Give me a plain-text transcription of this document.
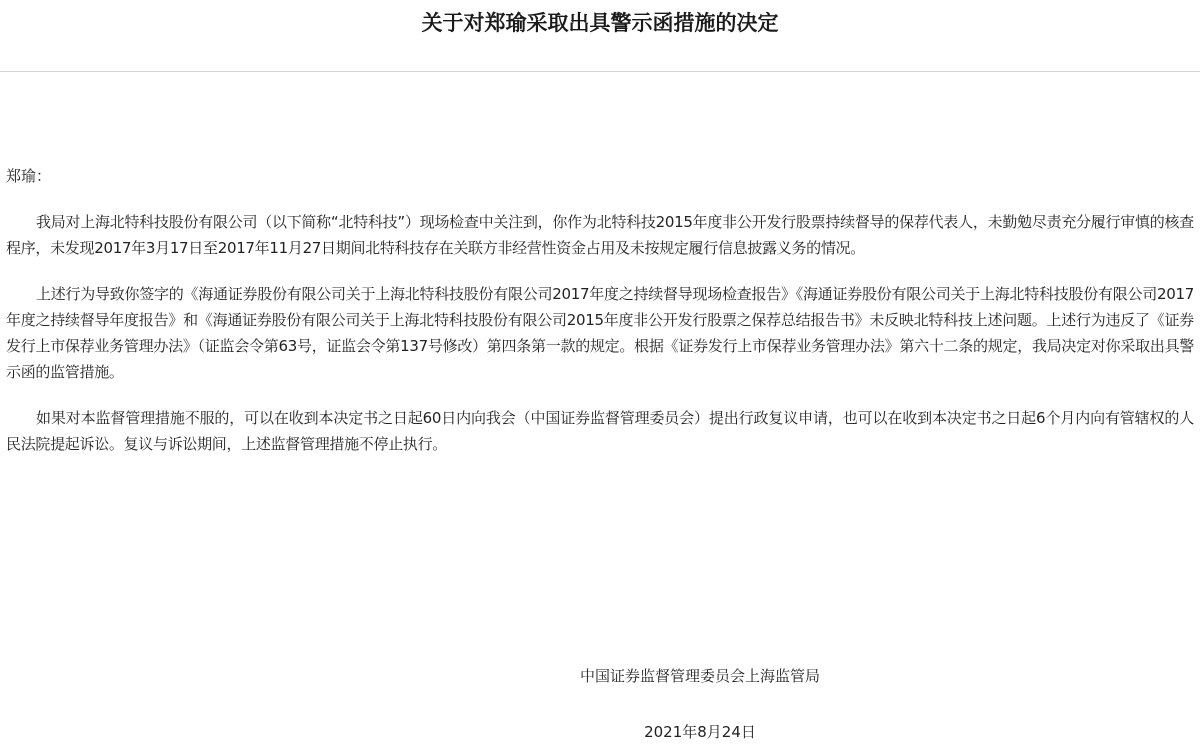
关于对郑瑜采取出具警示函措施的决定

郑瑜：

我局对上海北特科技股份有限公司（以下简称“北特科技”）现场检查中关注到，你作为北特科技2015年度非公开发行股票持续督导的保荐代表人，未勤勉尽责充分履行审慎的核查程序，未发现2017年3月17日至2017年11月27日期间北特科技存在关联方非经营性资金占用及未按规定履行信息披露义务的情况。

上述行为导致你签字的《海通证券股份有限公司关于上海北特科技股份有限公司2017年度之持续督导现场检查报告》《海通证券股份有限公司关于上海北特科技股份有限公司2017年度之持续督导年度报告》和《海通证券股份有限公司关于上海北特科技股份有限公司2015年度非公开发行股票之保荐总结报告书》未反映北特科技上述问题。上述行为违反了《证券发行上市保荐业务管理办法》（证监会令第63号，证监会令第137号修改）第四条第一款的规定。根据《证券发行上市保荐业务管理办法》第六十二条的规定，我局决定对你采取出具警示函的监管措施。

如果对本监督管理措施不服的，可以在收到本决定书之日起60日内向我会（中国证券监督管理委员会）提出行政复议申请，也可以在收到本决定书之日起6个月内向有管辖权的人民法院提起诉讼。复议与诉讼期间，上述监督管理措施不停止执行。

中国证券监督管理委员会上海监管局

2021年8月24日
